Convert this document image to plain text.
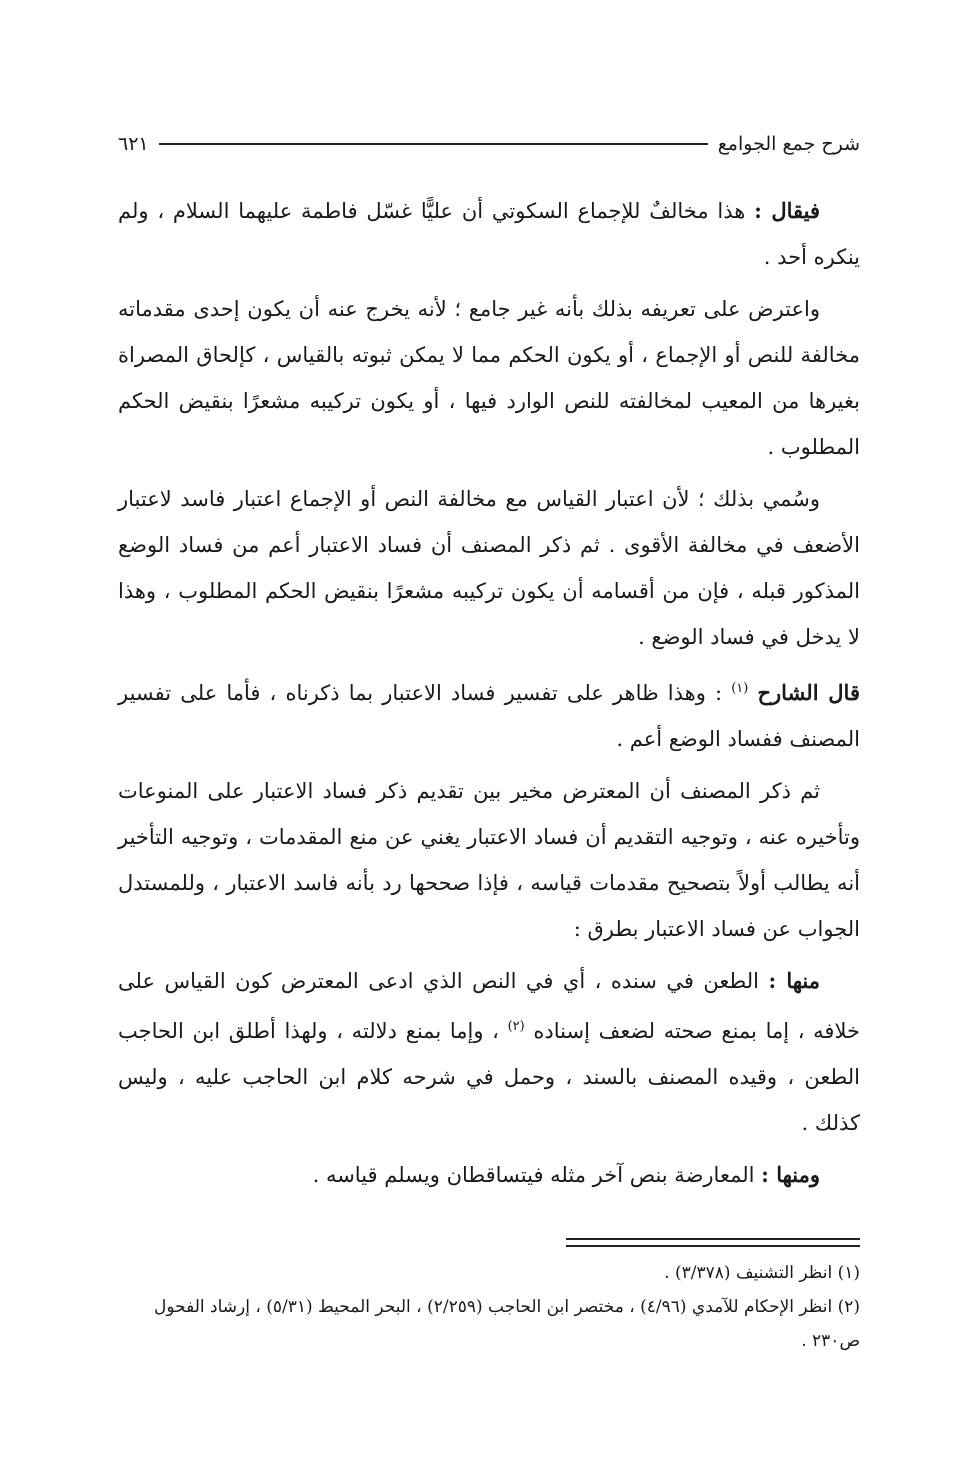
شرح جمع الجوامع
٦٢١

فيقال : هذا مخالفٌ للإجماع السكوتي أن عليًّا غسّل فاطمة عليهما السلام ، ولم ينكره أحد .

واعترض على تعريفه بذلك بأنه غير جامع ؛ لأنه يخرج عنه أن يكون إحدى مقدماته مخالفة للنص أو الإجماع ، أو يكون الحكم مما لا يمكن ثبوته بالقياس ، كإلحاق المصراة بغيرها من المعيب لمخالفته للنص الوارد فيها ، أو يكون تركيبه مشعرًا بنقيض الحكم المطلوب .

وسُمي بذلك ؛ لأن اعتبار القياس مع مخالفة النص أو الإجماع اعتبار فاسد لاعتبار الأضعف في مخالفة الأقوى . ثم ذكر المصنف أن فساد الاعتبار أعم من فساد الوضع المذكور قبله ، فإن من أقسامه أن يكون تركيبه مشعرًا بنقيض الحكم المطلوب ، وهذا لا يدخل في فساد الوضع .

قال الشارح $^{(١)}$ : وهذا ظاهر على تفسير فساد الاعتبار بما ذكرناه ، فأما على تفسير المصنف ففساد الوضع أعم .

ثم ذكر المصنف أن المعترض مخير بين تقديم ذكر فساد الاعتبار على المنوعات وتأخيره عنه ، وتوجيه التقديم أن فساد الاعتبار يغني عن منع المقدمات ، وتوجيه التأخير أنه يطالب أولاً بتصحيح مقدمات قياسه ، فإذا صححها رد بأنه فاسد الاعتبار ، وللمستدل الجواب عن فساد الاعتبار بطرق :

منها : الطعن في سنده ، أي في النص الذي ادعى المعترض كون القياس على خلافه ، إما بمنع صحته لضعف إسناده $^{(٢)}$ ، وإما بمنع دلالته ، ولهذا أطلق ابن الحاجب الطعن ، وقيده المصنف بالسند ، وحمل في شرحه كلام ابن الحاجب عليه ، وليس كذلك .

ومنها : المعارضة بنص آخر مثله فيتساقطان ويسلم قياسه .

(١) انظر التشنيف (٣/٣٧٨) .

(٢) انظر الإحكام للآمدي (٤/٩٦) ، مختصر ابن الحاجب (٢/٢٥٩) ، البحر المحيط (٥/٣١) ، إرشاد الفحول ص٢٣٠ .
